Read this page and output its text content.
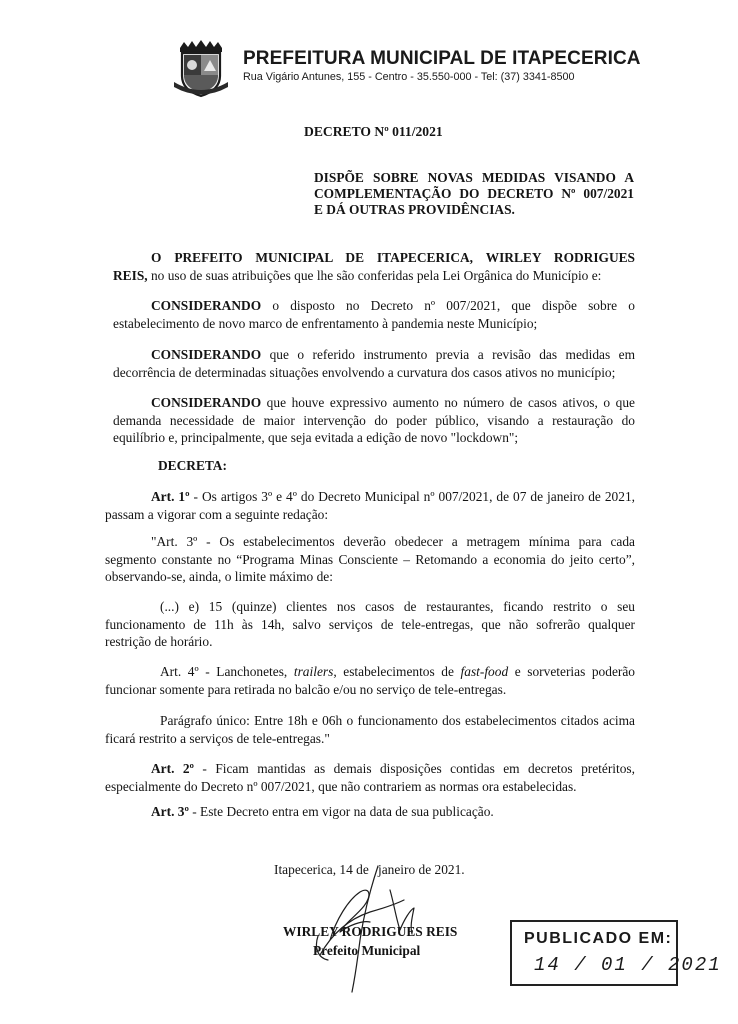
PREFEITURA MUNICIPAL DE ITAPECERICA
Rua Vigário Antunes, 155 - Centro - 35.550-000 - Tel: (37) 3341-8500
DECRETO Nº 011/2021
DISPÕE SOBRE NOVAS MEDIDAS VISANDO A
COMPLEMENTAÇÃO DO DECRETO Nº 007/2021
E DÁ OUTRAS PROVIDÊNCIAS.
O PREFEITO MUNICIPAL DE ITAPECERICA, WIRLEY RODRIGUES
REIS, no uso de suas atribuições que lhe são conferidas pela Lei Orgânica do Município e:
CONSIDERANDO o disposto no Decreto nº 007/2021, que dispõe sobre o
estabelecimento de novo marco de enfrentamento à pandemia neste Município;
CONSIDERANDO que o referido instrumento previa a revisão das medidas em
decorrência de determinadas situações envolvendo a curvatura dos casos ativos no município;
CONSIDERANDO que houve expressivo aumento no número de casos ativos, o que
demanda necessidade de maior intervenção do poder público, visando a restauração do
equilíbrio e, principalmente, que seja evitada a edição de novo "lockdown";
DECRETA:
Art. 1º - Os artigos 3º e 4º do Decreto Municipal nº 007/2021, de 07 de janeiro de 2021,
passam a vigorar com a seguinte redação:
"Art. 3º - Os estabelecimentos deverão obedecer a metragem mínima para cada
segmento constante no “Programa Minas Consciente – Retomando a economia do jeito certo”,
observando-se, ainda, o limite máximo de:
(...) e) 15 (quinze) clientes nos casos de restaurantes, ficando restrito o seu
funcionamento de 11h às 14h, salvo serviços de tele-entregas, que não sofrerão qualquer
restrição de horário.
Art. 4º - Lanchonetes, trailers, estabelecimentos de fast-food e sorveterias poderão
funcionar somente para retirada no balcão e/ou no serviço de tele-entregas.
Parágrafo único: Entre 18h e 06h o funcionamento dos estabelecimentos citados acima
ficará restrito a serviços de tele-entregas."
Art. 2º - Ficam mantidas as demais disposições contidas em decretos pretéritos,
especialmente do Decreto nº 007/2021, que não contrariem as normas ora estabelecidas.
Art. 3º - Este Decreto entra em vigor na data de sua publicação.
Itapecerica, 14 de janeiro de 2021.
WIRLEY RODRIGUES REIS
Prefeito Municipal
PUBLICADO EM:
14 / 01 / 2021
